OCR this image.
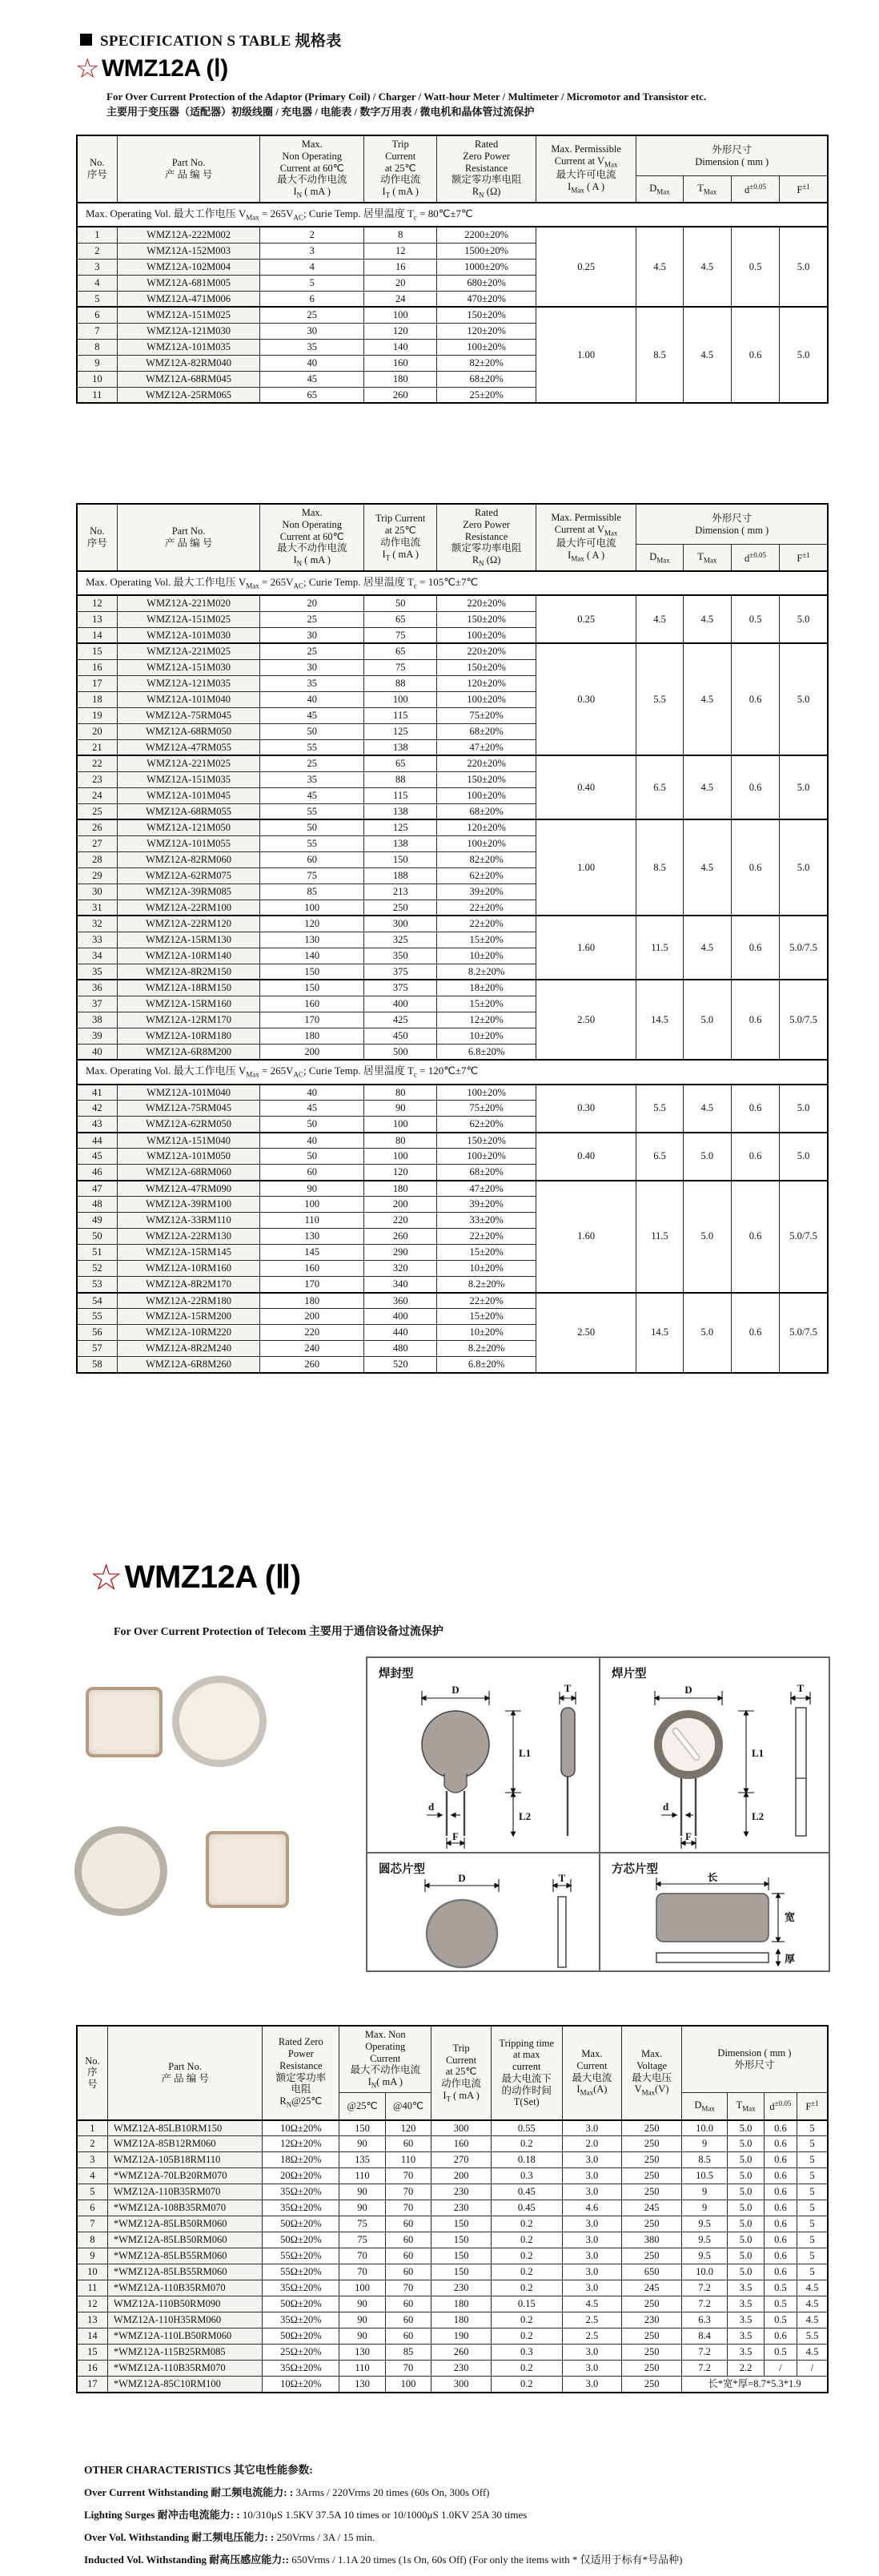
SPECIFICATION S TABLE 规格表
☆ WMZ12A (Ⅰ)
For Over Current Protection of the Adaptor (Primary Coil) / Charger / Watt-hour Meter / Multimeter / Micromotor and Transistor etc.
主要用于变压器（适配器）初级线圈 / 充电器 / 电能表 / 数字万用表 / 微电机和晶体管过流保护
No.
序号	Part No.
产 品 编 号	Max.
Non Operating
Current at 60℃
最大不动作电流
$I_N$ ( mA )	Trip
Current
at 25℃
动作电流
$I_T$ ( mA )	Rated
Zero Power
Resistance
额定零功率电阻
$R_N$ (Ω)	Max. Permissible
Current at $V_{Max}$
最大许可电流
$I_{Max}$ ( A )	外形尺寸
Dimension ( mm )			
						$D_{Max}$	$T_{Max}$	$d^{\pm 0.05}$	$F^{\pm 1}$
Max. Operating Vol. 最大工作电压 $V_{Max} = 265V_{AC}$; Curie Temp. 居里温度 $T_c$ = 80℃±7℃									
1	WMZ12A-222M002	2	8	2200±20%	0.25	4.5	4.5	0.5	5.0
2	WMZ12A-152M003	3	12	1500±20%					
3	WMZ12A-102M004	4	16	1000±20%					
4	WMZ12A-681M005	5	20	680±20%					
5	WMZ12A-471M006	6	24	470±20%					
6	WMZ12A-151M025	25	100	150±20%	1.00	8.5	4.5	0.6	5.0
7	WMZ12A-121M030	30	120	120±20%					
8	WMZ12A-101M035	35	140	100±20%					
9	WMZ12A-82RM040	40	160	82±20%					
10	WMZ12A-68RM045	45	180	68±20%					
11	WMZ12A-25RM065	65	260	25±20%					
No.
序号	Part No.
产 品 编 号	Max.
Non Operating
Current at 60℃
最大不动作电流
$I_N$ ( mA )	Trip Current
at 25℃
动作电流
$I_T$ ( mA )	Rated
Zero Power
Resistance
额定零功率电阻
$R_N$ (Ω)	Max. Permissible
Current at $V_{Max}$
最大许可电流
$I_{Max}$ ( A )	外形尺寸
Dimension ( mm )			
						$D_{Max}$	$T_{Max}$	$d^{\pm 0.05}$	$F^{\pm 1}$
Max. Operating Vol. 最大工作电压 $V_{Max} = 265V_{AC}$; Curie Temp. 居里温度 $T_c$ = 105℃±7℃									
12	WMZ12A-221M020	20	50	220±20%	0.25	4.5	4.5	0.5	5.0
13	WMZ12A-151M025	25	65	150±20%					
14	WMZ12A-101M030	30	75	100±20%					
15	WMZ12A-221M025	25	65	220±20%	0.30	5.5	4.5	0.6	5.0
16	WMZ12A-151M030	30	75	150±20%					
17	WMZ12A-121M035	35	88	120±20%					
18	WMZ12A-101M040	40	100	100±20%					
19	WMZ12A-75RM045	45	115	75±20%					
20	WMZ12A-68RM050	50	125	68±20%					
21	WMZ12A-47RM055	55	138	47±20%					
22	WMZ12A-221M025	25	65	220±20%	0.40	6.5	4.5	0.6	5.0
23	WMZ12A-151M035	35	88	150±20%					
24	WMZ12A-101M045	45	115	100±20%					
25	WMZ12A-68RM055	55	138	68±20%					
26	WMZ12A-121M050	50	125	120±20%	1.00	8.5	4.5	0.6	5.0
27	WMZ12A-101M055	55	138	100±20%					
28	WMZ12A-82RM060	60	150	82±20%					
29	WMZ12A-62RM075	75	188	62±20%					
30	WMZ12A-39RM085	85	213	39±20%					
31	WMZ12A-22RM100	100	250	22±20%					
32	WMZ12A-22RM120	120	300	22±20%	1.60	11.5	4.5	0.6	5.0/7.5
33	WMZ12A-15RM130	130	325	15±20%					
34	WMZ12A-10RM140	140	350	10±20%					
35	WMZ12A-8R2M150	150	375	8.2±20%					
36	WMZ12A-18RM150	150	375	18±20%	2.50	14.5	5.0	0.6	5.0/7.5
37	WMZ12A-15RM160	160	400	15±20%					
38	WMZ12A-12RM170	170	425	12±20%					
39	WMZ12A-10RM180	180	450	10±20%					
40	WMZ12A-6R8M200	200	500	6.8±20%					
Max. Operating Vol. 最大工作电压 $V_{Max} = 265V_{AC}$; Curie Temp. 居里温度 $T_c$ = 120℃±7℃									
41	WMZ12A-101M040	40	80	100±20%	0.30	5.5	4.5	0.6	5.0
42	WMZ12A-75RM045	45	90	75±20%					
43	WMZ12A-62RM050	50	100	62±20%					
44	WMZ12A-151M040	40	80	150±20%	0.40	6.5	5.0	0.6	5.0
45	WMZ12A-101M050	50	100	100±20%					
46	WMZ12A-68RM060	60	120	68±20%					
47	WMZ12A-47RM090	90	180	47±20%	1.60	11.5	5.0	0.6	5.0/7.5
48	WMZ12A-39RM100	100	200	39±20%					
49	WMZ12A-33RM110	110	220	33±20%					
50	WMZ12A-22RM130	130	260	22±20%					
51	WMZ12A-15RM145	145	290	15±20%					
52	WMZ12A-10RM160	160	320	10±20%					
53	WMZ12A-8R2M170	170	340	8.2±20%					
54	WMZ12A-22RM180	180	360	22±20%	2.50	14.5	5.0	0.6	5.0/7.5
55	WMZ12A-15RM200	200	400	15±20%					
56	WMZ12A-10RM220	220	440	10±20%					
57	WMZ12A-8R2M240	240	480	8.2±20%					
58	WMZ12A-6R8M260	260	520	6.8±20%					
☆ WMZ12A (Ⅱ)
For Over Current Protection of Telecom 主要用于通信设备过流保护
焊封型
D
L1
L2
d
F
T
焊片型
D
L1
L2
d
F
T
圆芯片型
D	T
方芯片型
长
宽
厚
No.
序
号	Part No.
产 品 编 号	Rated Zero
Power
Resistance
额定零功率
电阻
$R_N@25℃$	Max. Non
Operating
Current
最大不动作电流
$I_N$( mA )	Trip
Current
at 25℃
动作电流
$I_T$ ( mA )	Tripping time
at max
current
最大电流下
的动作时间
T(Set)	Max.
Current
最大电流
$I_{Max}(A)$	Max.
Voltage
最大电压
$V_{Max}(V)$	Dimension ( mm )
外形尺寸
			@25℃	@40℃					$D_{Max}$	$T_{Max}$	$d^{\pm 0.05}$	$F^{\pm 1}$
1	WMZ12A-85LB10RM150	10Ω±20%	150	120	300	0.55	3.0	250	10.0	5.0	0.6	5
2	WMZ12A-85B12RM060	12Ω±20%	90	60	160	0.2	2.0	250	9	5.0	0.6	5
3	WMZ12A-105B18RM110	18Ω±20%	135	110	270	0.18	3.0	250	8.5	5.0	0.6	5
4	*WMZ12A-70LB20RM070	20Ω±20%	110	70	200	0.3	3.0	250	10.5	5.0	0.6	5
5	WMZ12A-110B35RM070	35Ω±20%	90	70	230	0.45	3.0	250	9	5.0	0.6	5
6	*WMZ12A-108B35RM070	35Ω±20%	90	70	230	0.45	4.6	245	9	5.0	0.6	5
7	*WMZ12A-85LB50RM060	50Ω±20%	75	60	150	0.2	3.0	250	9.5	5.0	0.6	5
8	*WMZ12A-85LB50RM060	50Ω±20%	75	60	150	0.2	3.0	380	9.5	5.0	0.6	5
9	*WMZ12A-85LB55RM060	55Ω±20%	70	60	150	0.2	3.0	250	9.5	5.0	0.6	5
10	*WMZ12A-85LB55RM060	55Ω±20%	70	60	150	0.2	3.0	650	10.0	5.0	0.6	5
11	*WMZ12A-110B35RM070	35Ω±20%	100	70	230	0.2	3.0	245	7.2	3.5	0.5	4.5
12	WMZ12A-110B50RM090	50Ω±20%	90	60	180	0.15	4.5	250	7.2	3.5	0.5	4.5
13	WMZ12A-110H35RM060	35Ω±20%	90	60	180	0.2	2.5	230	6.3	3.5	0.5	4.5
14	*WMZ12A-110LB50RM060	50Ω±20%	90	60	190	0.2	2.5	250	8.4	3.5	0.6	5.5
15	*WMZ12A-115B25RM085	25Ω±20%	130	85	260	0.3	3.0	250	7.2	3.5	0.5	4.5
16	*WMZ12A-110B35RM070	35Ω±20%	110	70	230	0.2	3.0	250	7.2	2.2	/	/
17	*WMZ12A-85C10RM100	10Ω±20%	130	100	300	0.2	3.0	250	长*宽*厚=8.7*5.3*1.9			
OTHER CHARACTERISTICS 其它电性能参数:
Over Current Withstanding 耐工频电流能力: : 3Arms / 220Vrms 20 times (60s On, 300s Off)
Lighting Surges 耐冲击电流能力: : 10/310μS 1.5KV 37.5A 10 times or 10/1000μS 1.0KV 25A 30 times
Over Vol. Withstanding 耐工频电压能力: : 250Vrms / 3A / 15 min.
Inducted Vol. Withstanding 耐高压感应能力:: 650Vrms / 1.1A 20 times (1s On, 60s Off) (For only the items with * 仅适用于标有*号品种)
